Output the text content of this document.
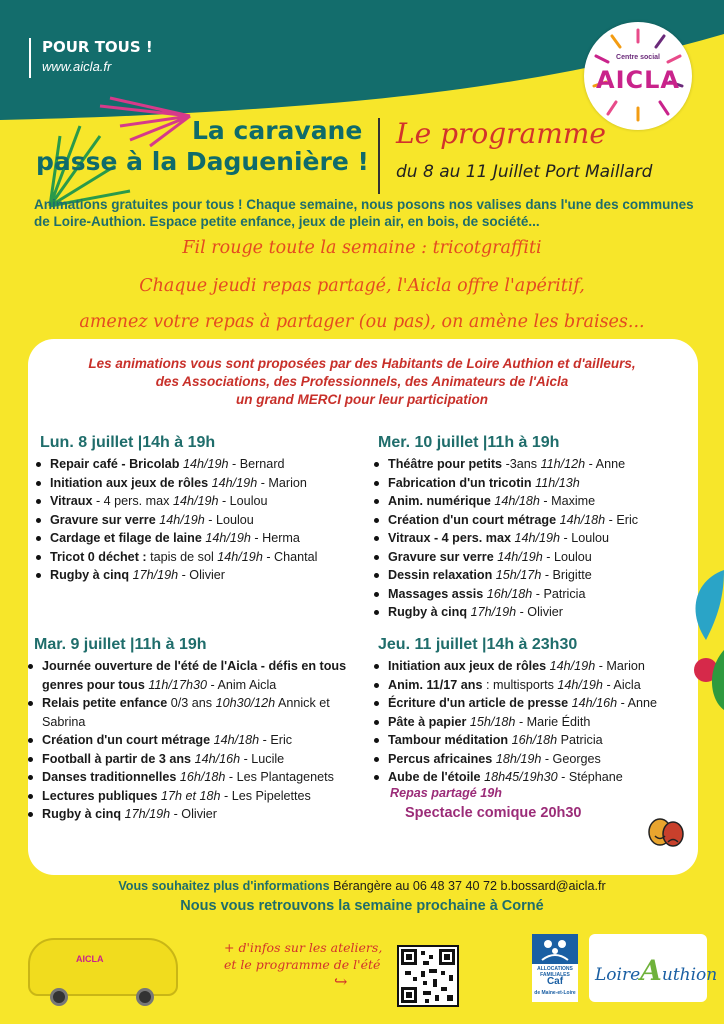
POUR TOUS !
www.aicla.fr
Centre social
AICLA
La caravane
passe à la Daguenière !
Le programme
du 8 au 11 Juillet Port Maillard
Animations gratuites pour tous ! Chaque semaine, nous posons nos valises dans l'une des communes de Loire-Authion. Espace petite enfance, jeux de plein air, en bois, de société...
Fil rouge toute la semaine : tricotgraffiti
Chaque jeudi repas partagé, l'Aicla offre l'apéritif,
amenez votre repas à partager (ou pas), on amène les braises...
Les animations vous sont proposées par des Habitants de Loire Authion et d'ailleurs,
des Associations, des Professionnels, des Animateurs de l'Aicla
un grand MERCI pour leur participation
Lun. 8 juillet |14h à 19h
Repair café - Bricolab 14h/19h - Bernard
Initiation aux jeux de rôles 14h/19h - Marion
Vitraux - 4 pers. max 14h/19h - Loulou
Gravure sur verre 14h/19h - Loulou
Cardage et filage de laine 14h/19h - Herma
Tricot 0 déchet : tapis de sol 14h/19h - Chantal
Rugby à cinq 17h/19h - Olivier
Mer. 10 juillet |11h à 19h
Théâtre pour petits -3ans 11h/12h - Anne
Fabrication d'un tricotin 11h/13h
Anim. numérique 14h/18h - Maxime
Création d'un court métrage 14h/18h - Eric
Vitraux - 4 pers. max 14h/19h - Loulou
Gravure sur verre 14h/19h - Loulou
Dessin relaxation 15h/17h - Brigitte
Massages assis 16h/18h - Patricia
Rugby à cinq 17h/19h - Olivier
Mar. 9 juillet |11h à 19h
Journée ouverture de l'été de l'Aicla - défis en tous genres pour tous 11h/17h30 - Anim Aicla
Relais petite enfance 0/3 ans 10h30/12h Annick et Sabrina
Création d'un court métrage 14h/18h - Eric
Football à partir de 3 ans 14h/16h - Lucile
Danses traditionnelles 16h/18h - Les Plantagenets
Lectures publiques 17h et 18h - Les Pipelettes
Rugby à cinq 17h/19h - Olivier
Jeu. 11 juillet |14h à 23h30
Initiation aux jeux de rôles 14h/19h - Marion
Anim. 11/17 ans : multisports 14h/19h - Aicla
Écriture d'un article de presse 14h/16h - Anne
Pâte à papier 15h/18h - Marie Édith
Tambour méditation 16h/18h Patricia
Percus africaines 18h/19h - Georges
Aube de l'étoile 18h45/19h30 - Stéphane
Repas partagé 19h
Spectacle comique 20h30
Vous souhaitez plus d'informations Bérangère au 06 48 37 40 72 b.bossard@aicla.fr
Nous vous retrouvons la semaine prochaine à Corné
AICLA
+ d'infos sur les ateliers,
et le programme de l'été
↪
ALLOCATIONS FAMILIALES
Caf
de Maine-et-Loire
LoireAuthion
